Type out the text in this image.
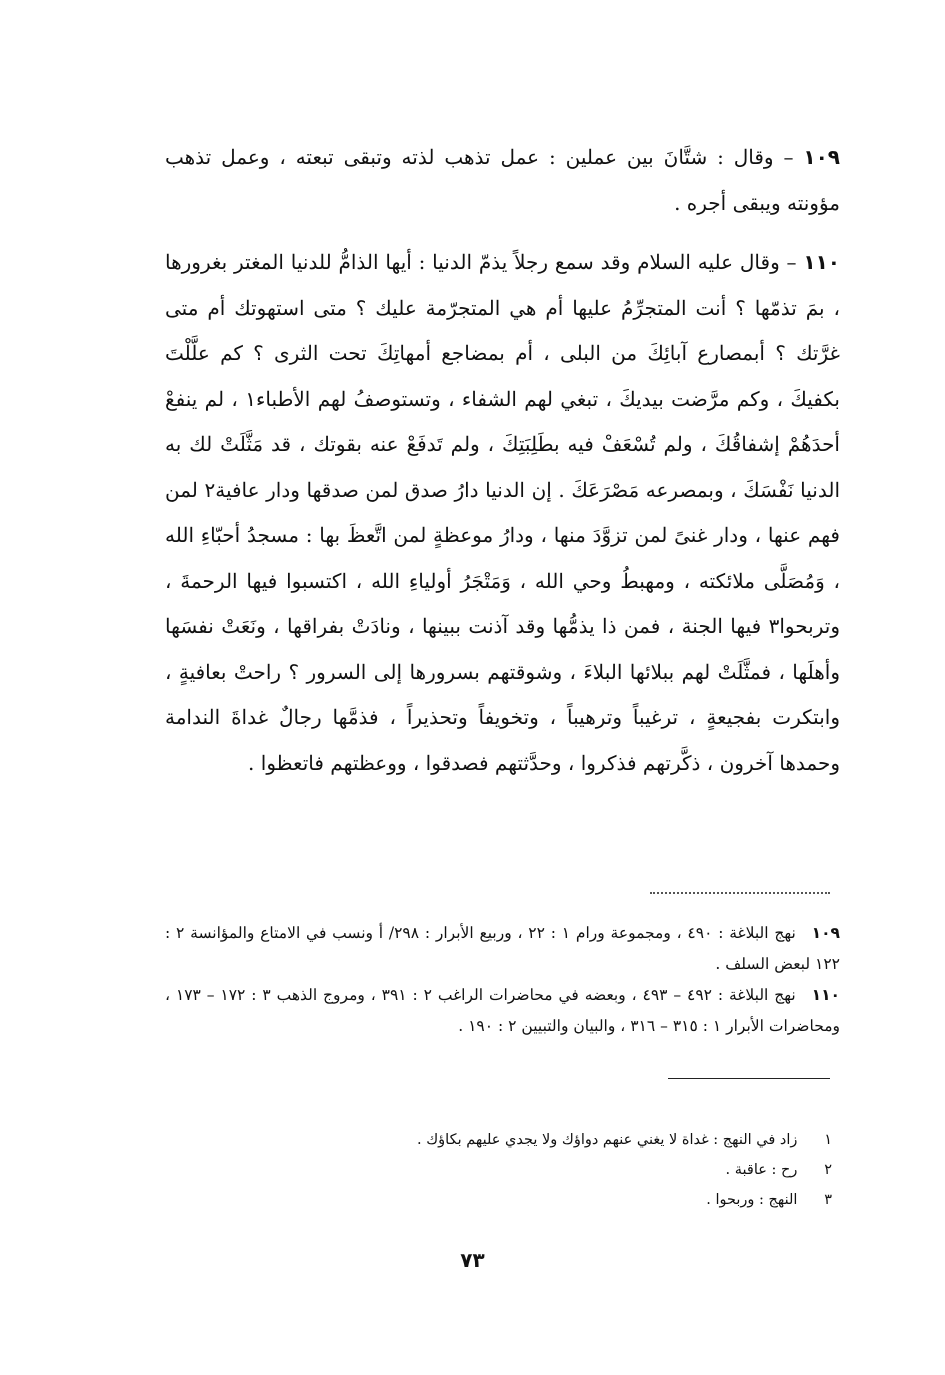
١٠٩ – وقال : شتَّانَ بين عملين : عمل تذهب لذته وتبقى تبعته ، وعمل تذهب مؤونته ويبقى أجره .
١١٠ – وقال عليه السلام وقد سمع رجلاً يذمّ الدنيا : أيها الذامُّ للدنيا المغتر بغرورها ، بمَ تذمّها ؟ أنت المتجرِّمُ عليها أم هي المتجرّمة عليك ؟ متى استهوتك أم متى غرَّتك ؟ أبمصارع آبائِكَ من البلى ، أم بمضاجع أمهاتِكَ تحت الثرى ؟ كم علَّلْتَ بكفيكَ ، وكم مرَّضت بيديكَ ، تبغي لهم الشفاء ، وتستوصفُ لهم الأطباء١ ، لم ينفعْ أحدَهُمْ إشفاقُكَ ، ولم تُسْعَفْ فيه بطَلِبَتِكَ ، ولم تَدفَعْ عنه بقوتك ، قد مَثَّلَتْ لك به الدنيا نَفْسَكَ ، وبمصرعه مَصْرَعَكَ . إن الدنيا دارُ صدق لمن صدقها ودار عافية٢ لمن فهم عنها ، ودار غنىً لمن تزوَّدَ منها ، ودارُ موعظةٍ لمن اتَّعظَ بها : مسجدُ أحبّاءِ الله ، وَمُصَلَّى ملائكته ، ومهبطُ وحي الله ، وَمَتْجَرُ أولياءِ الله ، اكتسبوا فيها الرحمةَ ، وتربحوا٣ فيها الجنة ، فمن ذا يذمُّها وقد آذنت ببينها ، ونادَتْ بفراقها ، ونَعَتْ نفسَها وأهلَها ، فمثَّلَتْ لهم ببلائها البلاءَ ، وشوقتهم بسرورها إلى السرور ؟ راحتْ بعافيةٍ ، وابتكرت بفجيعةٍ ، ترغيباً وترهيباً ، وتخويفاً وتحذيراً ، فذمَّها رجالٌ غداةَ الندامة وحمدها آخرون ، ذكَّرتهم فذكروا ، وحدَّثتهم فصدقوا ، ووعظتهم فاتعظوا .

١٠٩ نهج البلاغة : ٤٩٠ ، ومجموعة ورام ١ : ٢٢ ، وربيع الأبرار : ٢٩٨/ أ ونسب في الامتاع والمؤانسة ٢ : ١٢٢ لبعض السلف .

١١٠ نهج البلاغة : ٤٩٢ – ٤٩٣ ، وبعضه في محاضرات الراغب ٢ : ٣٩١ ، ومروج الذهب ٣ : ١٧٢ – ١٧٣ ، ومحاضرات الأبرار ١ : ٣١٥ – ٣١٦ ، والبيان والتبيين ٢ : ١٩٠ .

١ زاد في النهج : غداة لا يغني عنهم دواؤك ولا يجدي عليهم بكاؤك .

٢ رح : عاقبة .

٣ النهج : وربحوا .

٧٣
